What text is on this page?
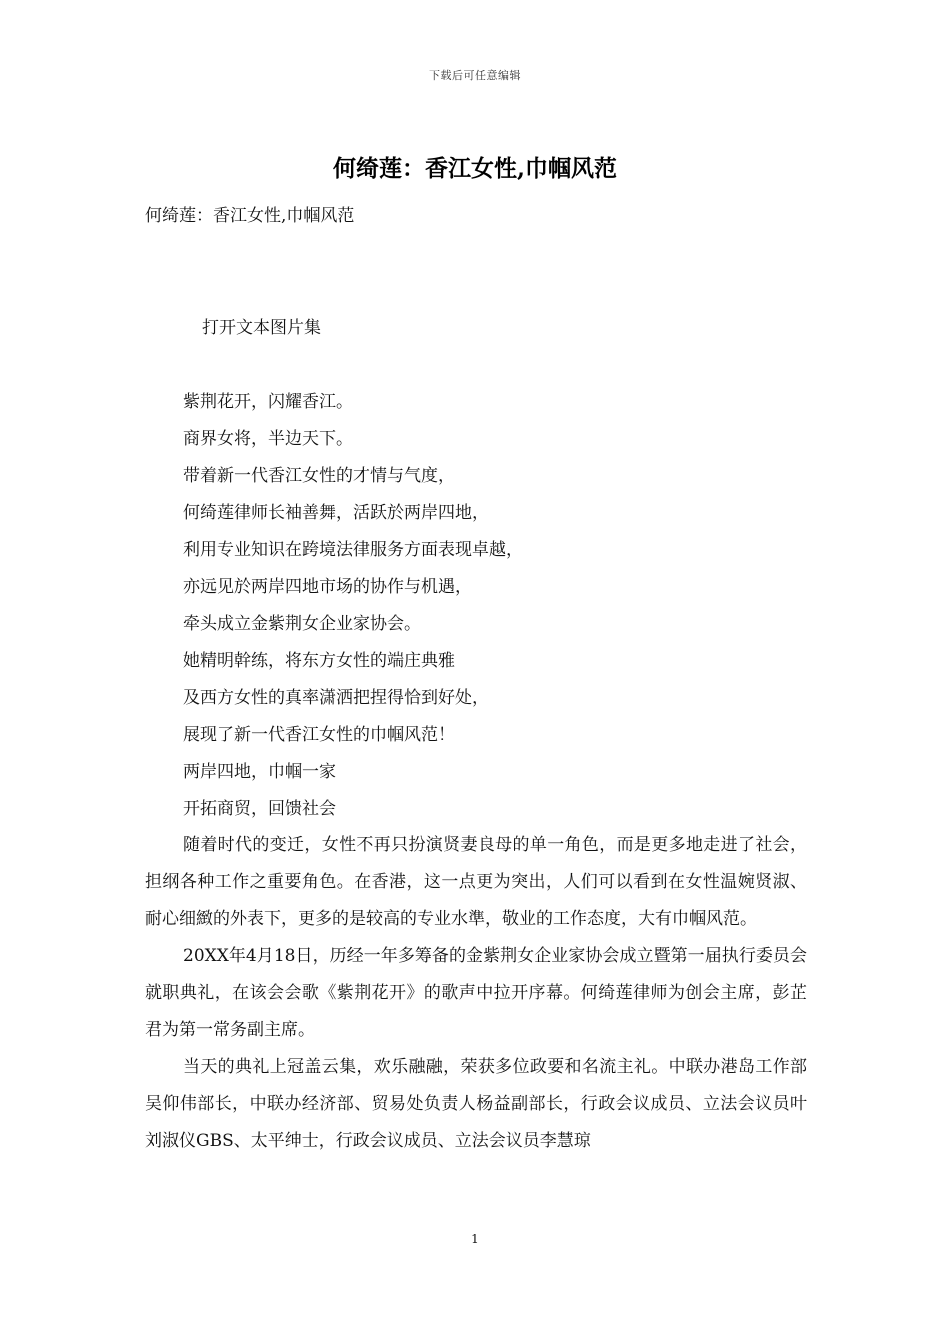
下载后可任意编辑
何绮莲：香江女性,巾帼风范
何绮莲：香江女性,巾帼风范
打开文本图片集
紫荆花开，闪耀香江。
商界女将，半边天下。
带着新一代香江女性的才情与气度，
何绮莲律师长袖善舞，活跃於两岸四地，
利用专业知识在跨境法律服务方面表现卓越，
亦远见於两岸四地市场的协作与机遇，
牵头成立金紫荆女企业家协会。
她精明幹练，将东方女性的端庄典雅
及西方女性的真率潇洒把捏得恰到好处，
展现了新一代香江女性的巾帼风范！
两岸四地，巾帼一家
开拓商贸，回馈社会

随着时代的变迁，女性不再只扮演贤妻良母的单一角色，而是更多地走进了社会，担纲各种工作之重要角色。在香港，这一点更为突出，人们可以看到在女性温婉贤淑、耐心细緻的外表下，更多的是较高的专业水準，敬业的工作态度，大有巾帼风范。

20XX年4月18日，历经一年多筹备的金紫荆女企业家协会成立暨第一届执行委员会就职典礼，在该会会歌《紫荆花开》的歌声中拉开序幕。何绮莲律师为创会主席，彭芷君为第一常务副主席。

当天的典礼上冠盖云集，欢乐融融，荣获多位政要和名流主礼。中联办港岛工作部吴仰伟部长，中联办经济部、贸易处负责人杨益副部长，行政会议成员、立法会议员叶刘淑仪GBS、太平绅士，行政会议成员、立法会议员李慧琼

1
